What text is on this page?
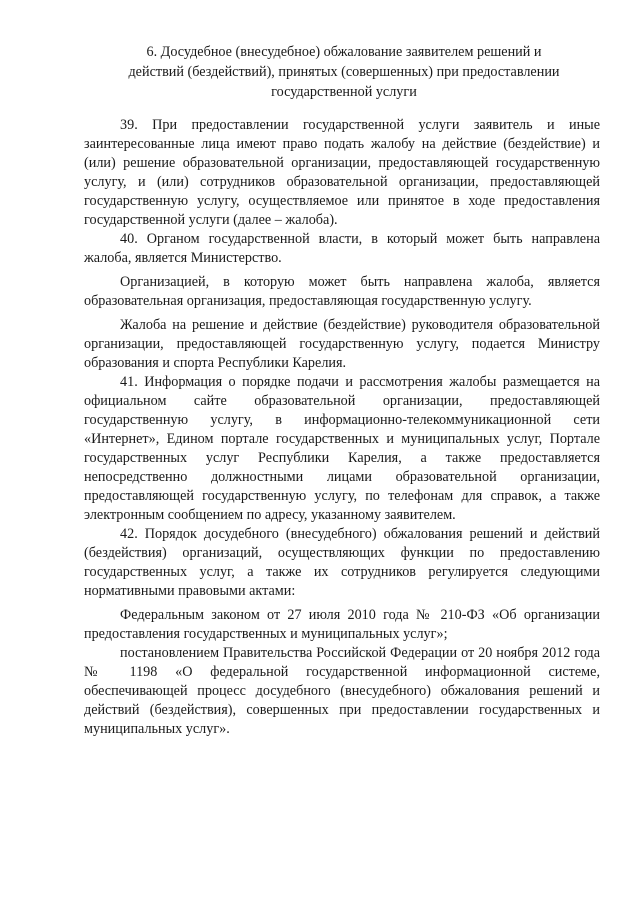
6. Досудебное (внесудебное) обжалование заявителем решений и
действий (бездействий), принятых (совершенных) при предоставлении
государственной услуги

39. При предоставлении государственной услуги заявитель и иные заинтересованные лица имеют право подать жалобу на действие (бездействие) и (или) решение образовательной организации, предоставляющей государственную услугу, и (или) сотрудников образовательной организации, предоставляющей государственную услугу, осуществляемое или принятое в ходе предоставления государственной услуги (далее – жалоба).

40. Органом государственной власти, в который может быть направлена жалоба, является Министерство.

Организацией, в которую может быть направлена жалоба, является образовательная организация, предоставляющая государственную услугу.

Жалоба на решение и действие (бездействие) руководителя образовательной организации, предоставляющей государственную услугу, подается Министру образования и спорта Республики Карелия.

41. Информация о порядке подачи и рассмотрения жалобы размещается на официальном сайте образовательной организации, предоставляющей государственную услугу, в информационно-телекоммуникационной сети «Интернет», Едином портале государственных и муниципальных услуг, Портале государственных услуг Республики Карелия, а также предоставляется непосредственно должностными лицами образовательной организации, предоставляющей государственную услугу, по телефонам для справок, а также электронным сообщением по адресу, указанному заявителем.

42. Порядок досудебного (внесудебного) обжалования решений и действий (бездействия) организаций, осуществляющих функции по предоставлению государственных услуг, а также их сотрудников регулируется следующими нормативными правовыми актами:

Федеральным законом от 27 июля 2010 года № 210-ФЗ «Об организации предоставления государственных и муниципальных услуг»;

постановлением Правительства Российской Федерации от 20 ноября 2012 года № 1198 «О федеральной государственной информационной системе, обеспечивающей процесс досудебного (внесудебного) обжалования решений и действий (бездействия), совершенных при предоставлении государственных и муниципальных услуг».
